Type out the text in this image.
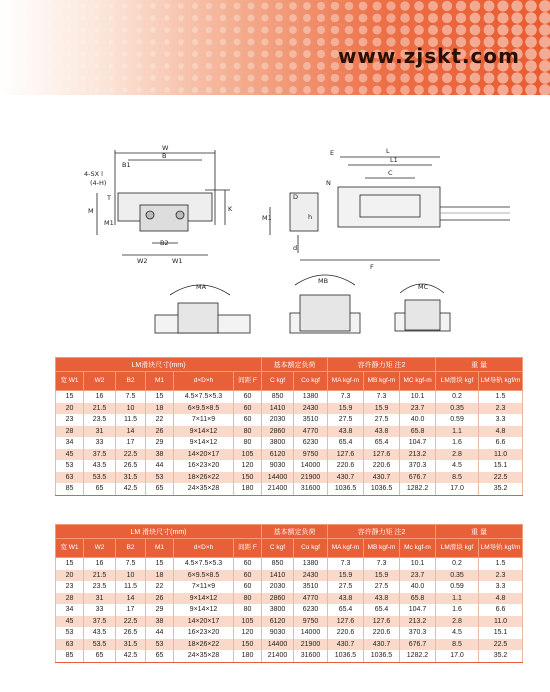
www.zjskt.com
W
B
B1
4-SX l
(4-H)
T
M	K
W2	W1
B2
M1
E	L
L1
C
N
D
h
M1
d
F
MA
MB
MC
LM滑块尺寸(mm)						基本额定负荷		容许静力矩 注2			重 量	
宽 W1	W2	B2	M1	d×D×h	间距 F	C kgf	Co kgf	MA kgf-m	MB kgf-m	MC kgf-m	LM滑块 kgf	LM导轨 kgf/m
15	16	7.5	15	4.5×7.5×5.3	60	850	1380	7.3	7.3	10.1	0.2	1.5
20	21.5	10	18	6×9.5×8.5	60	1410	2430	15.9	15.9	23.7	0.35	2.3
23	23.5	11.5	22	7×11×9	60	2030	3510	27.5	27.5	40.0	0.59	3.3
28	31	14	26	9×14×12	80	2860	4770	43.8	43.8	65.8	1.1	4.8
34	33	17	29	9×14×12	80	3800	6230	65.4	65.4	104.7	1.6	6.6
45	37.5	22.5	38	14×20×17	105	6120	9750	127.6	127.6	213.2	2.8	11.0
53	43.5	26.5	44	16×23×20	120	9030	14000	220.6	220.6	370.3	4.5	15.1
63	53.5	31.5	53	18×26×22	150	14400	21900	430.7	430.7	676.7	8.5	22.5
85	65	42.5	65	24×35×28	180	21400	31600	1036.5	1036.5	1282.2	17.0	35.2
LM 滑块尺寸(mm)						基本额定负荷		容许静力矩 注2			重 量	
宽 W1	W2	B2	M1	d×D×h	间距 F	C kgf	Co kgf	MA kgf-m	MB kgf-m	Mc kgf-m	LM滑块 kgf	LM导轨 kgf/m
15	16	7.5	15	4.5×7.5×5.3	60	850	1380	7.3	7.3	10.1	0.2	1.5
20	21.5	10	18	6×9.5×8.5	60	1410	2430	15.9	15.9	23.7	0.35	2.3
23	23.5	11.5	22	7×11×9	60	2030	3510	27.5	27.5	40.0	0.59	3.3
28	31	14	26	9×14×12	80	2860	4770	43.8	43.8	65.8	1.1	4.8
34	33	17	29	9×14×12	80	3800	6230	65.4	65.4	104.7	1.6	6.6
45	37.5	22.5	38	14×20×17	105	6120	9750	127.6	127.6	213.2	2.8	11.0
53	43.5	26.5	44	16×23×20	120	9030	14000	220.6	220.6	370.3	4.5	15.1
63	53.5	31.5	53	18×26×22	150	14400	21900	430.7	430.7	676.7	8.5	22.5
85	65	42.5	65	24×35×28	180	21400	31600	1036.5	1036.5	1282.2	17.0	35.2
